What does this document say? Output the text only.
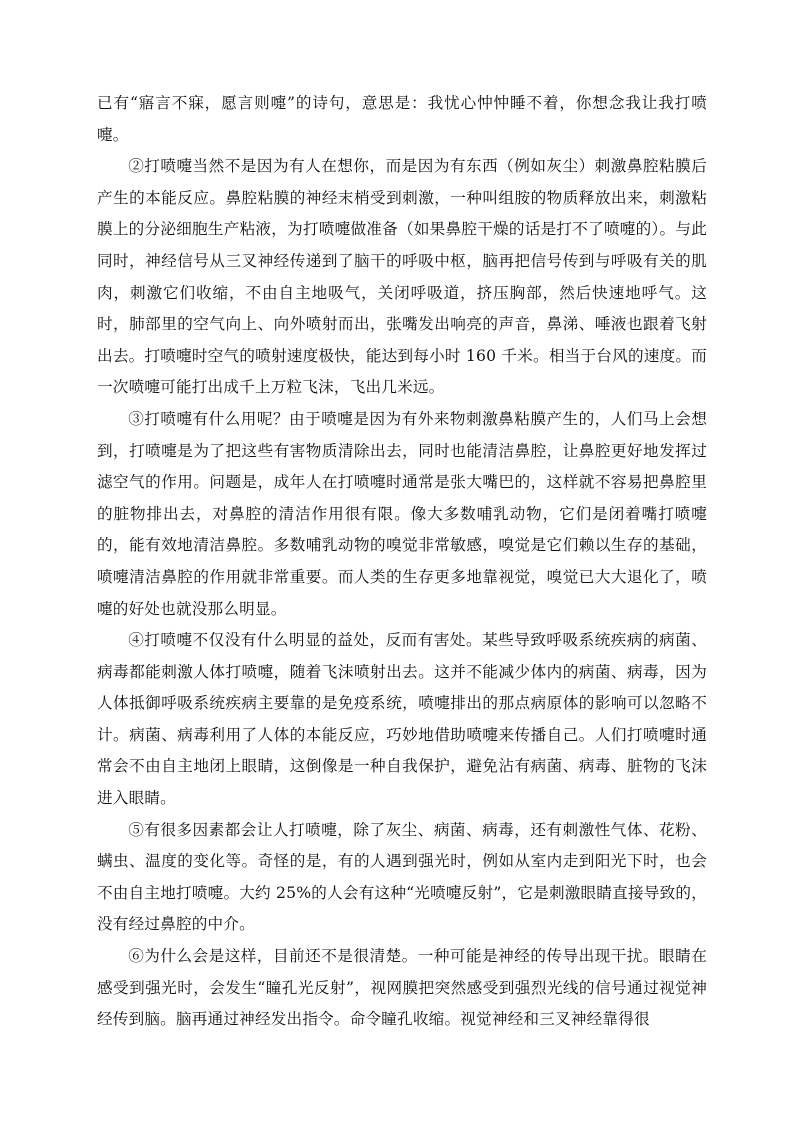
已有“寤言不寐，愿言则嚏”的诗句，意思是：我忧心忡忡睡不着，你想念我让我打喷嚏。

②打喷嚏当然不是因为有人在想你，而是因为有东西（例如灰尘）刺激鼻腔粘膜后产生的本能反应。鼻腔粘膜的神经末梢受到刺激，一种叫组胺的物质释放出来，刺激粘膜上的分泌细胞生产粘液，为打喷嚏做准备（如果鼻腔干燥的话是打不了喷嚏的）。与此同时，神经信号从三叉神经传递到了脑干的呼吸中枢，脑再把信号传到与呼吸有关的肌肉，刺激它们收缩，不由自主地吸气，关闭呼吸道，挤压胸部，然后快速地呼气。这时，肺部里的空气向上、向外喷射而出，张嘴发出响亮的声音，鼻涕、唾液也跟着飞射出去。打喷嚏时空气的喷射速度极快，能达到每小时 160 千米。相当于台风的速度。而一次喷嚏可能打出成千上万粒飞沫，飞出几米远。

③打喷嚏有什么用呢？由于喷嚏是因为有外来物刺激鼻粘膜产生的，人们马上会想到，打喷嚏是为了把这些有害物质清除出去，同时也能清洁鼻腔，让鼻腔更好地发挥过滤空气的作用。问题是，成年人在打喷嚏时通常是张大嘴巴的，这样就不容易把鼻腔里的脏物排出去，对鼻腔的清洁作用很有限。像大多数哺乳动物，它们是闭着嘴打喷嚏的，能有效地清洁鼻腔。多数哺乳动物的嗅觉非常敏感，嗅觉是它们赖以生存的基础，喷嚏清洁鼻腔的作用就非常重要。而人类的生存更多地靠视觉，嗅觉已大大退化了，喷嚏的好处也就没那么明显。

④打喷嚏不仅没有什么明显的益处，反而有害处。某些导致呼吸系统疾病的病菌、病毒都能刺激人体打喷嚏，随着飞沫喷射出去。这并不能减少体内的病菌、病毒，因为人体抵御呼吸系统疾病主要靠的是免疫系统，喷嚏排出的那点病原体的影响可以忽略不计。病菌、病毒利用了人体的本能反应，巧妙地借助喷嚏来传播自己。人们打喷嚏时通常会不由自主地闭上眼睛，这倒像是一种自我保护，避免沾有病菌、病毒、脏物的飞沫进入眼睛。

⑤有很多因素都会让人打喷嚏，除了灰尘、病菌、病毒，还有刺激性气体、花粉、螨虫、温度的变化等。奇怪的是，有的人遇到强光时，例如从室内走到阳光下时，也会不由自主地打喷嚏。大约 25%的人会有这种“光喷嚏反射”，它是刺激眼睛直接导致的，没有经过鼻腔的中介。

⑥为什么会是这样，目前还不是很清楚。一种可能是神经的传导出现干扰。眼睛在感受到强光时，会发生“瞳孔光反射”，视网膜把突然感受到强烈光线的信号通过视觉神经传到脑。脑再通过神经发出指令。命令瞳孔收缩。视觉神经和三叉神经靠得很
